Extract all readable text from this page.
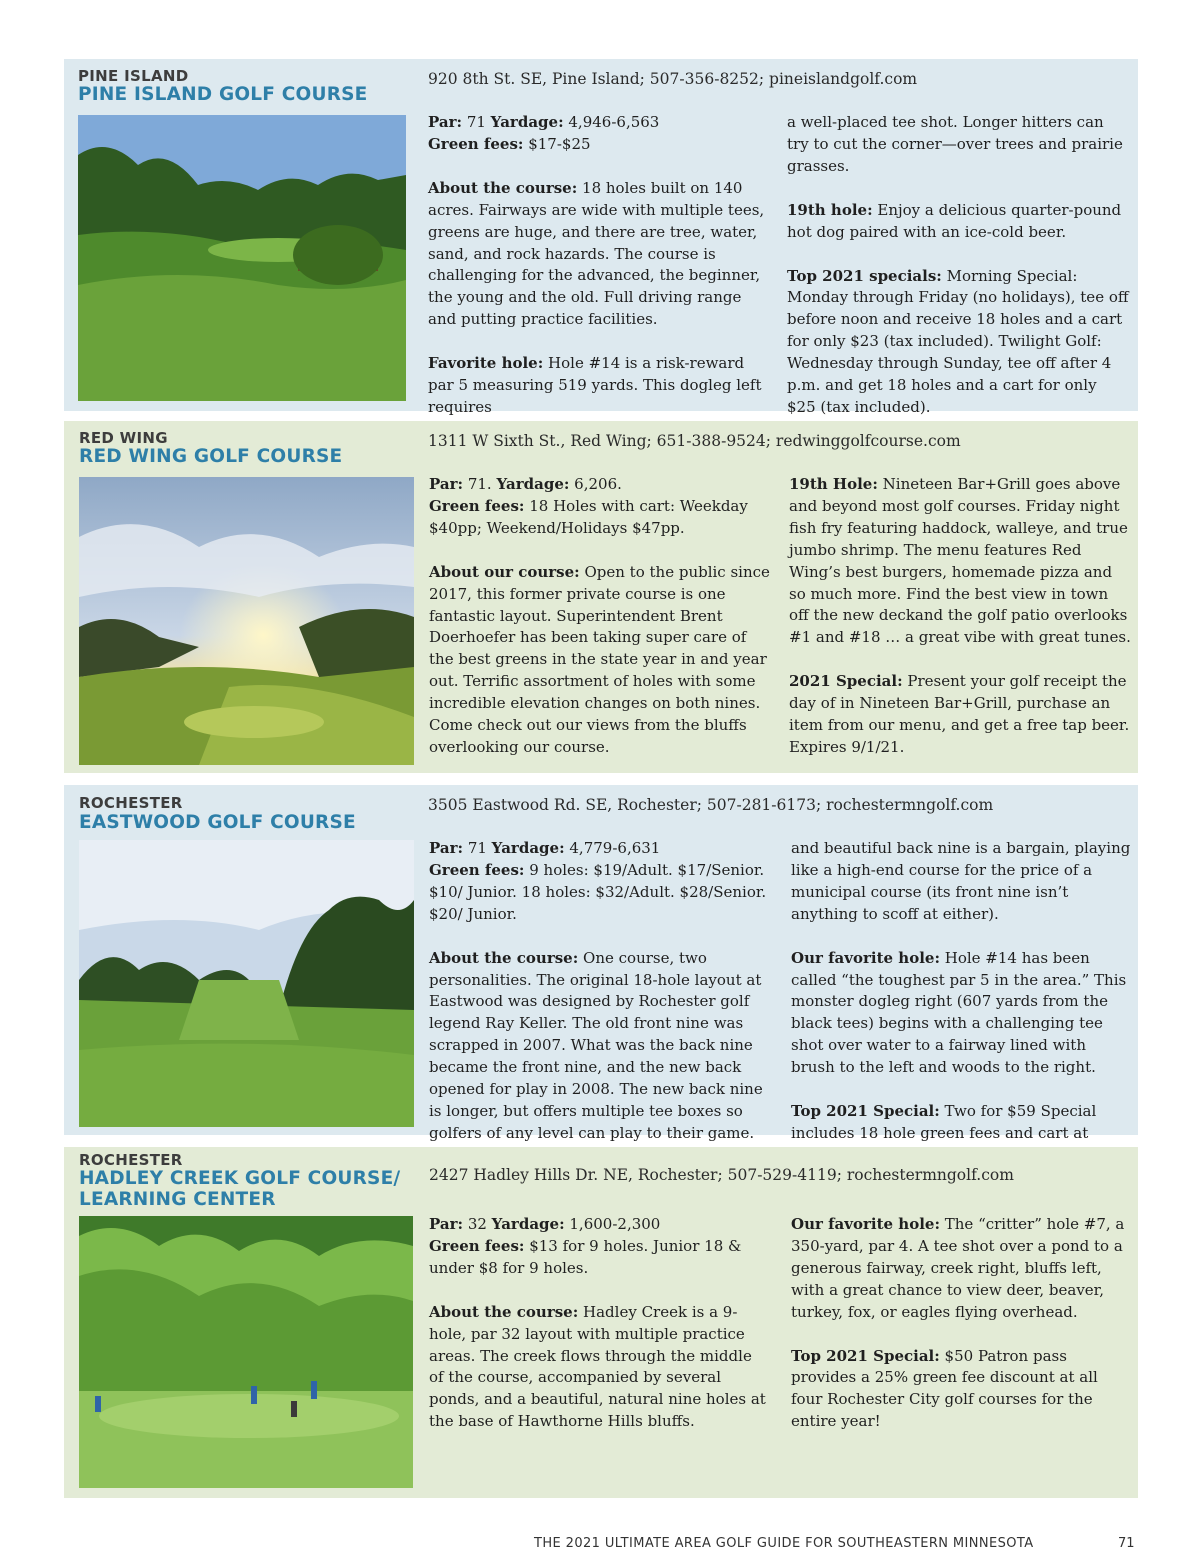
PINE ISLAND
PINE ISLAND GOLF COURSE
920 8th St. SE, Pine Island; 507-356-8252; pineislandgolf.com

Par: 71 Yardage: 4,946-6,563
Green fees: $17-$25

About the course: 18 holes built on 140 acres. Fairways are wide with multiple tees, greens are huge, and there are tree, water, sand, and rock hazards. The course is challenging for the advanced, the beginner, the young and the old. Full driving range and putting practice facilities.

Favorite hole: Hole #14 is a risk-reward par 5 measuring 519 yards. This dogleg left requires

a well-placed tee shot. Longer hitters can try to cut the corner—over trees and prairie grasses.

19th hole: Enjoy a delicious quarter-pound hot dog paired with an ice-cold beer.

Top 2021 specials: Morning Special: Monday through Friday (no holidays), tee off before noon and receive 18 holes and a cart for only $23 (tax included). Twilight Golf: Wednesday through Sunday, tee off after 4 p.m. and get 18 holes and a cart for only $25 (tax included).

RED WING
RED WING GOLF COURSE
1311 W Sixth St., Red Wing; 651-388-9524; redwinggolfcourse.com

Par: 71. Yardage: 6,206.
Green fees: 18 Holes with cart: Weekday $40pp; Weekend/Holidays $47pp.

About our course: Open to the public since 2017, this former private course is one fantastic layout. Superintendent Brent Doerhoefer has been taking super care of the best greens in the state year in and year out. Terrific assortment of holes with some incredible elevation changes on both nines. Come check out our views from the bluffs overlooking our course.

19th Hole: Nineteen Bar+Grill goes above and beyond most golf courses. Friday night fish fry featuring haddock, walleye, and true jumbo shrimp. The menu features Red Wing’s best burgers, homemade pizza and so much more. Find the best view in town off the new deckand the golf patio overlooks #1 and #18 … a great vibe with great tunes.

2021 Special: Present your golf receipt the day of in Nineteen Bar+Grill, purchase an item from our menu, and get a free tap beer. Expires 9/1/21.

ROCHESTER
EASTWOOD GOLF COURSE
3505 Eastwood Rd. SE, Rochester; 507-281-6173; rochestermngolf.com

Par: 71 Yardage: 4,779-6,631
Green fees: 9 holes: $19/Adult. $17/Senior. $10/ Junior. 18 holes: $32/Adult. $28/Senior. $20/ Junior.

About the course: One course, two personalities. The original 18-hole layout at Eastwood was designed by Rochester golf legend Ray Keller. The old front nine was scrapped in 2007. What was the back nine became the front nine, and the new back opened for play in 2008. The new back nine is longer, but offers multiple tee boxes so golfers of any level can play to their game.

and beautiful back nine is a bargain, playing like a high-end course for the price of a municipal course (its front nine isn’t anything to scoff at either).

Our favorite hole: Hole #14 has been called “the toughest par 5 in the area.” This monster dogleg right (607 yards from the black tees) begins with a challenging tee shot over water to a fairway lined with brush to the left and woods to the right.

Top 2021 Special: Two for $59 Special includes 18 hole green fees and cart at

ROCHESTER
HADLEY CREEK GOLF COURSE/
LEARNING CENTER
2427 Hadley Hills Dr. NE, Rochester; 507-529-4119; rochestermngolf.com

Par: 32 Yardage: 1,600-2,300
Green fees: $13 for 9 holes. Junior 18 & under $8 for 9 holes.

About the course: Hadley Creek is a 9-hole, par 32 layout with multiple practice areas. The creek flows through the middle of the course, accompanied by several ponds, and a beautiful, natural nine holes at the base of Hawthorne Hills bluffs.

Our favorite hole: The “critter” hole #7, a 350-yard, par 4. A tee shot over a pond to a generous fairway, creek right, bluffs left, with a great chance to view deer, beaver, turkey, fox, or eagles flying overhead.

Top 2021 Special: $50 Patron pass provides a 25% green fee discount at all four Rochester City golf courses for the entire year!

THE 2021 ULTIMATE AREA GOLF GUIDE FOR SOUTHEASTERN MINNESOTA	71
